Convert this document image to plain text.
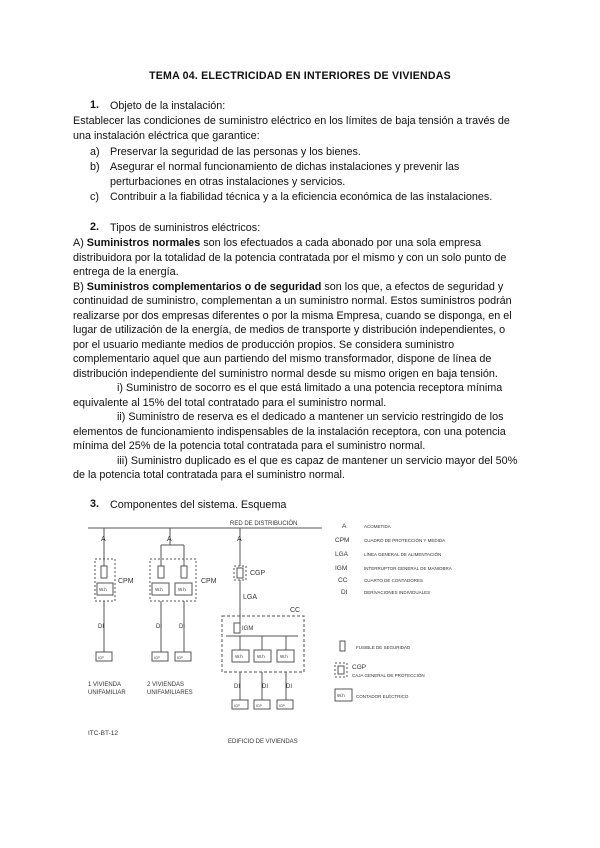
TEMA 04. ELECTRICIDAD EN INTERIORES DE VIVIENDAS
1. Objeto de la instalación:
Establecer las condiciones de suministro eléctrico en los límites de baja tensión a través de
una instalación eléctrica que garantice:
a) Preservar la seguridad de las personas y los bienes.
b) Asegurar el normal funcionamiento de dichas instalaciones y prevenir las
perturbaciones en otras instalaciones y servicios.
c) Contribuir a la fiabilidad técnica y a la eficiencia económica de las instalaciones.
2. Tipos de suministros eléctricos:
A) Suministros normales son los efectuados a cada abonado por una sola empresa
distribuidora por la totalidad de la potencia contratada por el mismo y con un solo punto de
entrega de la energía.
B) Suministros complementarios o de seguridad son los que, a efectos de seguridad y
continuidad de suministro, complementan a un suministro normal. Estos suministros podrán
realizarse por dos empresas diferentes o por la misma Empresa, cuando se disponga, en el
lugar de utilización de la energía, de medios de transporte y distribución independientes, o
por el usuario mediante medios de producción propios. Se considera suministro
complementario aquel que aun partiendo del mismo transformador, dispone de línea de
distribución independiente del suministro normal desde su mismo origen en baja tensión.
i) Suministro de socorro es el que está limitado a una potencia receptora mínima
equivalente al 15% del total contratado para el suministro normal.
ii) Suministro de reserva es el dedicado a mantener un servicio restringido de los
elementos de funcionamiento indispensables de la instalación receptora, con una potencia
mínima del 25% de la potencia total contratada para el suministro normal.
iii) Suministro duplicado es el que es capaz de mantener un servicio mayor del 50%
de la potencia total contratada para el suministro normal.
3. Componentes del sistema. Esquema
RED DE DISTRIBUCIÓN
A	A	A
CPM	CPM
CGP
LGA
CC
IGM
W.h	W.h	W.h
W.h	W.h	W.h
W.h
DI	DI	DI
DI	DI	DI
ICP	ICP	ICP
ICP	ICP	ICP
1 VIVIENDA
UNIFAMILIAR
2 VIVIENDAS
UNIFAMILIARES
EDIFICIO DE VIVIENDAS
ITC-BT-12
A	ACOMETIDA
CPM	CUADRO DE PROTECCIÓN Y MEDIDA
LGA	LÍNEA GENERAL DE ALIMENTACIÓN
IGM	INTERRUPTOR GENERAL DE MANIOBRA
CC	CUARTO DE CONTADORES
DI	DERIVACIONES INDIVIDUALES
FUSIBLE DE SEGURIDAD
CGP
CAJA GENERAL DE PROTECCIÓN
CONTADOR ELÉCTRICO
